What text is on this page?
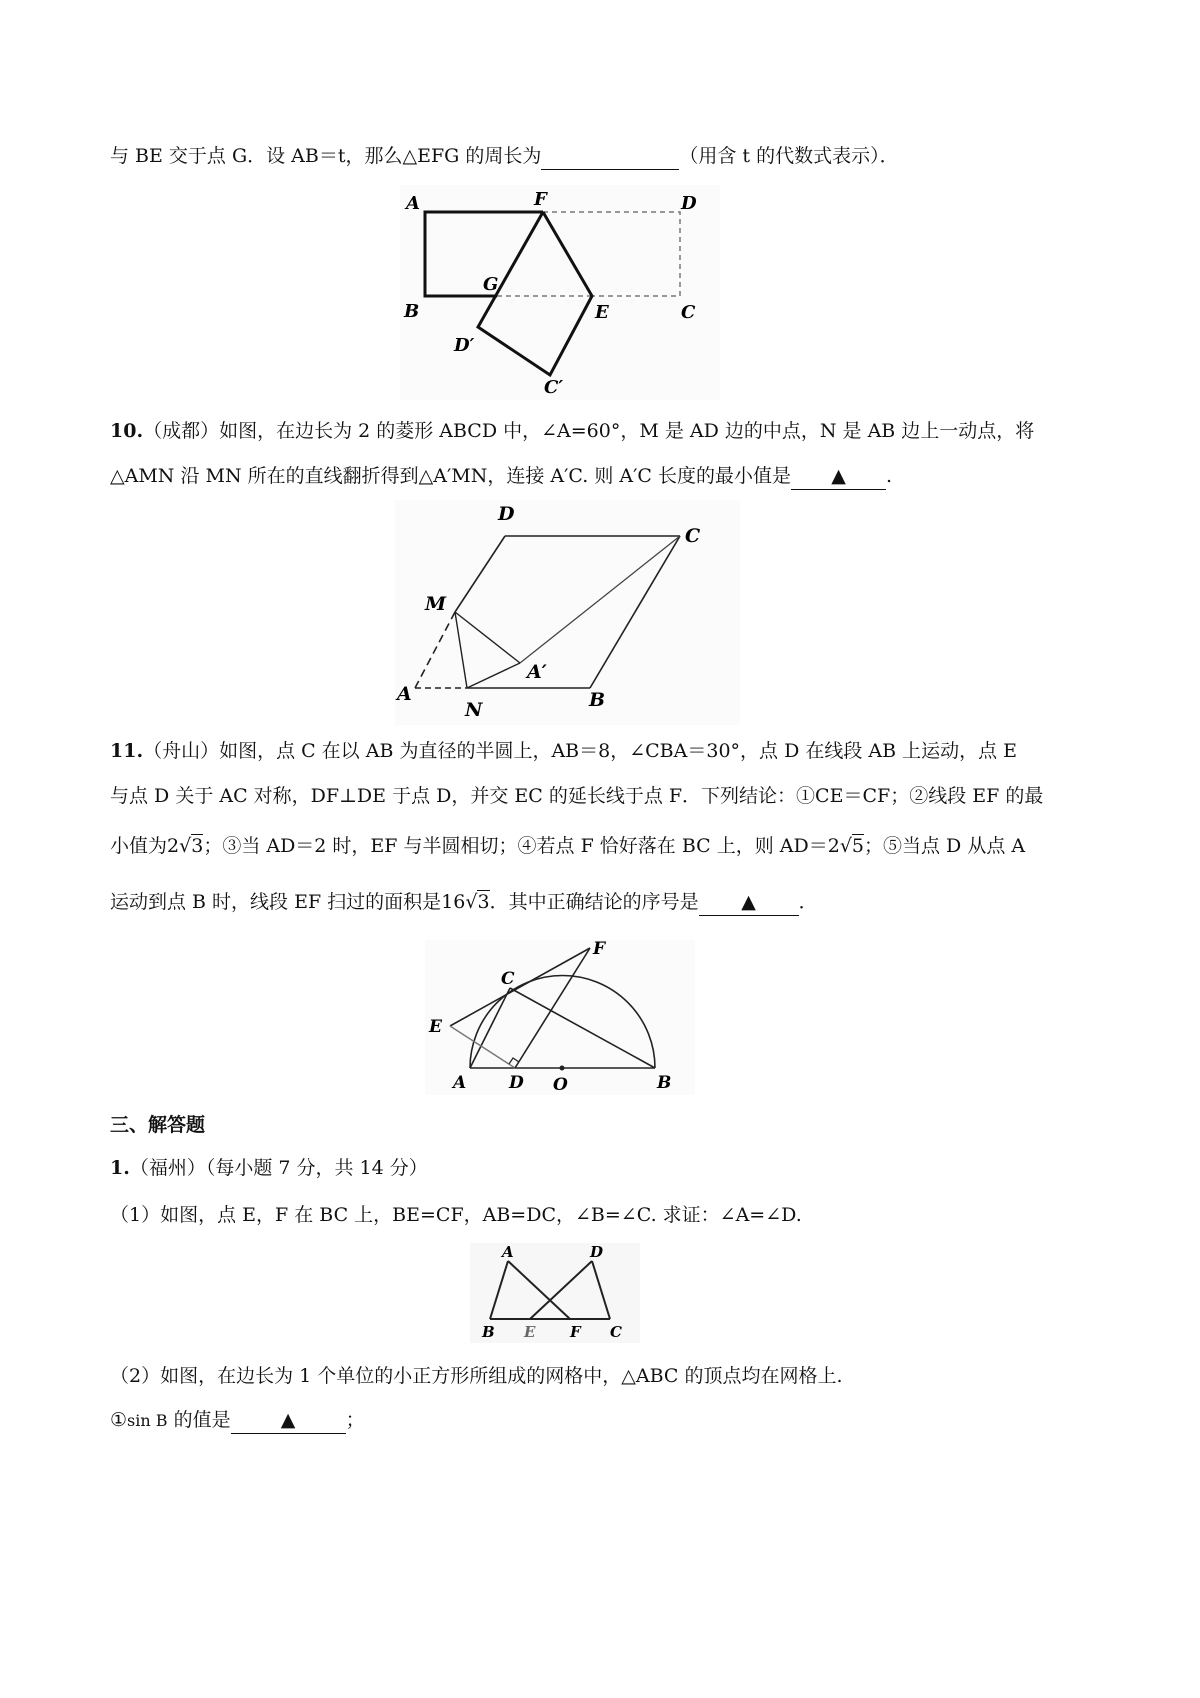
与 BE 交于点 G．设 AB＝t，那么△EFG 的周长为	（用含 t 的代数式表示）．
A
B
F	D
G
E	C
D′
C′
10.（成都）如图，在边长为 2 的菱形 ABCD 中，∠A=60°，M 是 AD 边的中点，N 是 AB 边上一动点，将
△AMN 沿 MN 所在的直线翻折得到△A′MN，连接 A′C. 则 A′C 长度的最小值是 ▲ .
D
C
M
A′
A
N	B
11.（舟山）如图，点 C 在以 AB 为直径的半圆上，AB＝8，∠CBA＝30°，点 D 在线段 AB 上运动，点 E
与点 D 关于 AC 对称，DF⊥DE 于点 D，并交 EC 的延长线于点 F．下列结论：①CE＝CF；②线段 EF 的最
小值为2√3；③当 AD＝2 时，EF 与半圆相切；④若点 F 恰好落在 BC 上，则 AD＝2√5；⑤当点 D 从点 A
运动到点 B 时，线段 EF 扫过的面积是16√3．其中正确结论的序号是 ▲ ．
F
C
E
A	D O	B
三、解答题
1.（福州）（每小题 7 分，共 14 分）
（1）如图，点 E，F 在 BC 上，BE=CF，AB=DC，∠B=∠C. 求证：∠A=∠D.
A	D
B E F C
（2）如图，在边长为 1 个单位的小正方形所组成的网格中，△ABC 的顶点均在网格上.
①sin B 的值是	▲	；
